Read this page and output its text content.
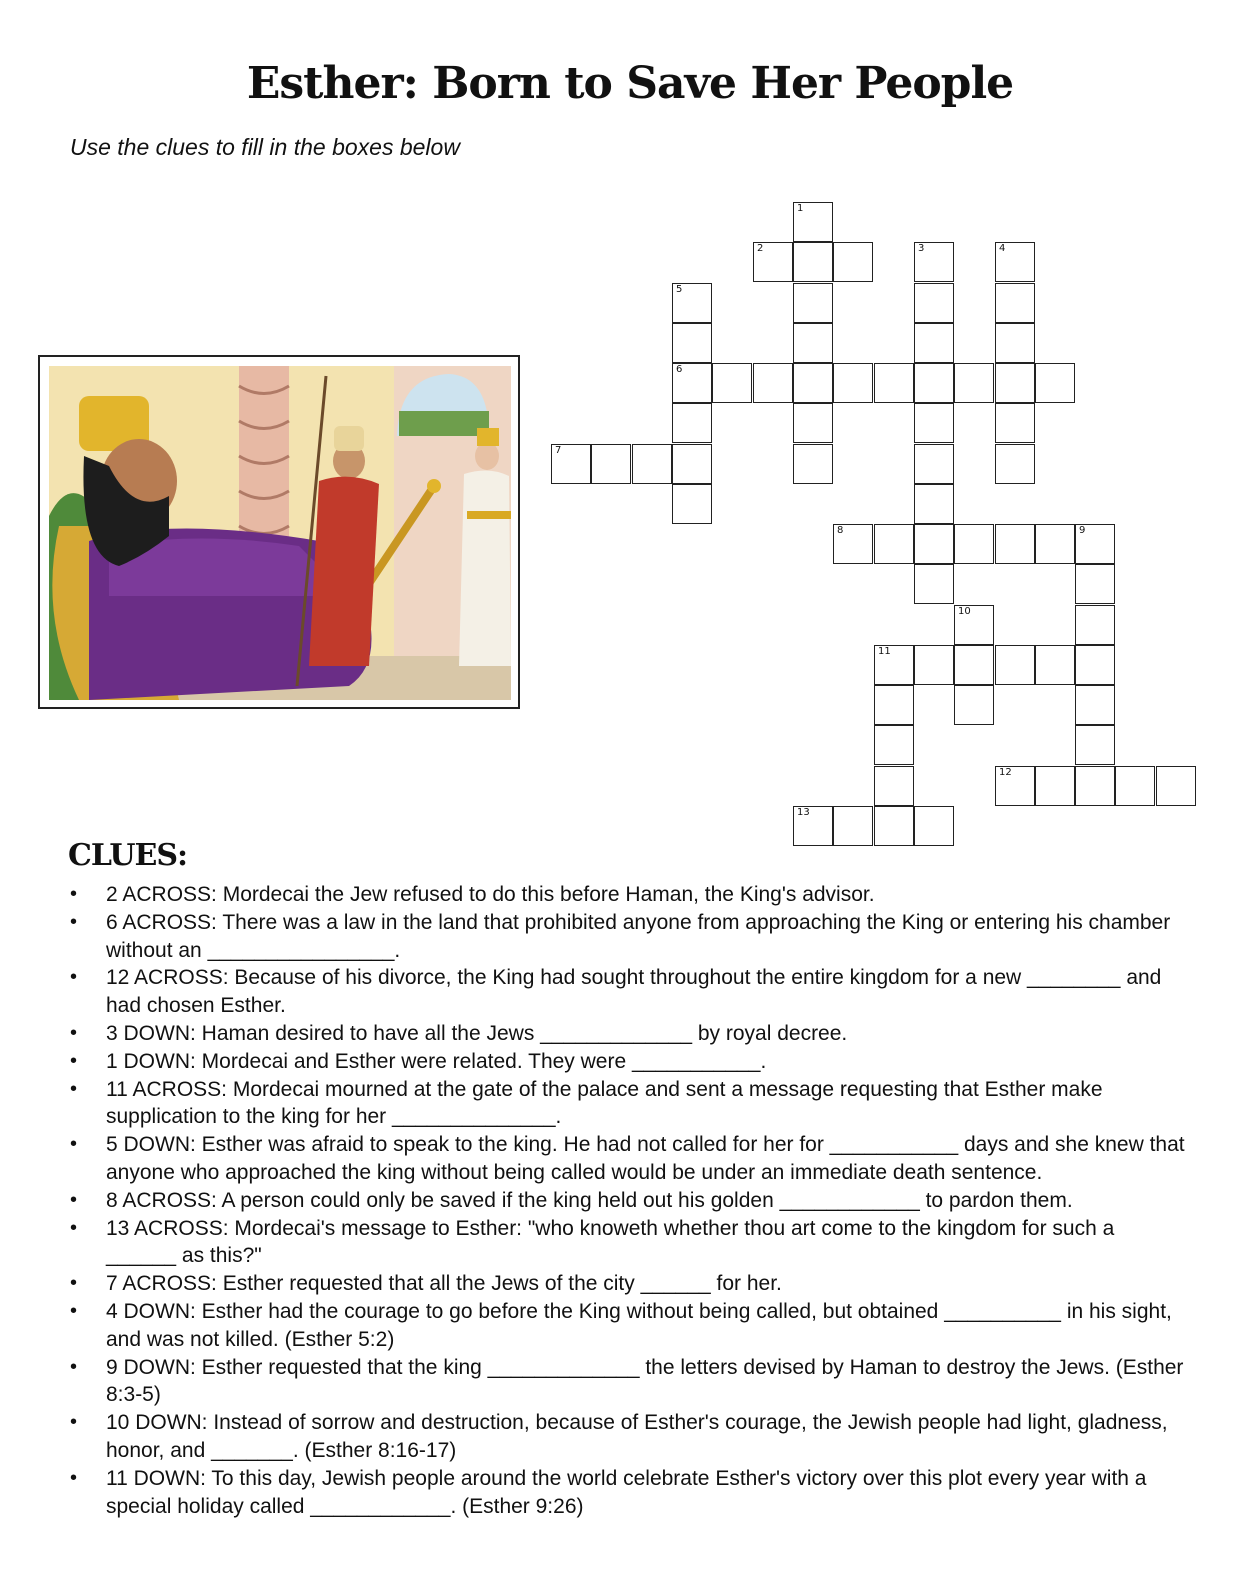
Esther: Born to Save Her People
Use the clues to fill in the boxes below
1
2	3	4
5
6
7
8	9
10
11
12
13
CLUES:
• 2 ACROSS: Mordecai the Jew refused to do this before Haman, the King's advisor.
• 6 ACROSS: There was a law in the land that prohibited anyone from approaching the King or entering his chamber without an ________________.
• 12 ACROSS: Because of his divorce, the King had sought throughout the entire kingdom for a new ________ and had chosen Esther.
• 3 DOWN: Haman desired to have all the Jews _____________ by royal decree.
• 1 DOWN: Mordecai and Esther were related. They were ___________.
• 11 ACROSS: Mordecai mourned at the gate of the palace and sent a message requesting that Esther make supplication to the king for her ______________.
• 5 DOWN: Esther was afraid to speak to the king. He had not called for her for ___________ days and she knew that anyone who approached the king without being called would be under an immediate death sentence.
• 8 ACROSS: A person could only be saved if the king held out his golden ____________ to pardon them.
• 13 ACROSS: Mordecai's message to Esther: "who knoweth whether thou art come to the kingdom for such a ______ as this?"
• 7 ACROSS: Esther requested that all the Jews of the city ______ for her.
• 4 DOWN: Esther had the courage to go before the King without being called, but obtained __________ in his sight, and was not killed. (Esther 5:2)
• 9 DOWN: Esther requested that the king _____________ the letters devised by Haman to destroy the Jews. (Esther 8:3-5)
• 10 DOWN: Instead of sorrow and destruction, because of Esther's courage, the Jewish people had light, gladness, honor, and _______. (Esther 8:16-17)
• 11 DOWN: To this day, Jewish people around the world celebrate Esther's victory over this plot every year with a special holiday called ____________. (Esther 9:26)
